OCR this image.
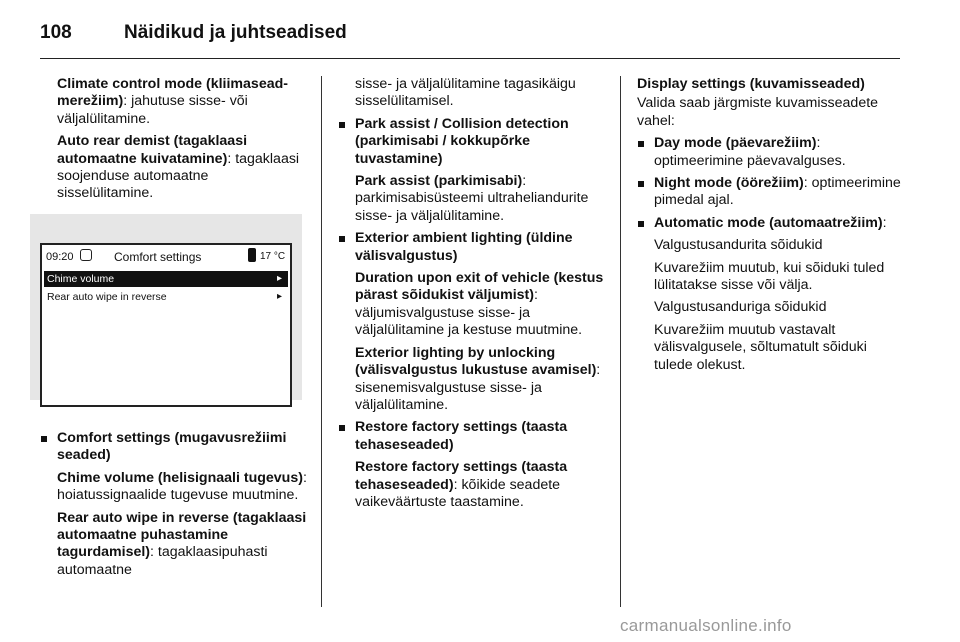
108	Näidikud ja juhtseadised

Climate control mode (kliimasead-merežiim): jahutuse sisse- või väljalülitamine.

Auto rear demist (tagaklaasi automaatne kuivatamine): tagaklaasi soojenduse automaatne sisselülitamine.

09:20	Comfort settings	17 °C
Chime volume	▸
Rear auto wipe in reverse	▸
Comfort settings (mugavusrežiimi seaded)

Chime volume (helisignaali tugevus): hoiatussignaalide tugevuse muutmine.

Rear auto wipe in reverse (tagaklaasi automaatne puhastamine tagurdamisel): tagaklaasipuhasti automaatne

sisse- ja väljalülitamine tagasikäigu sisselülitamisel.

Park assist / Collision detection (parkimisabi / kokkupõrke tuvastamine)

Park assist (parkimisabi): parkimisabisüsteemi ultraheliandurite sisse- ja väljalülitamine.

Exterior ambient lighting (üldine välisvalgustus)

Duration upon exit of vehicle (kestus pärast sõidukist väljumist): väljumisvalgustuse sisse- ja väljalülitamine ja kestuse muutmine.

Exterior lighting by unlocking (välisvalgustus lukustuse avamisel): sisenemisvalgustuse sisse- ja väljalülitamine.

Restore factory settings (taasta tehaseseaded)

Restore factory settings (taasta tehaseseaded): kõikide seadete vaikeväärtuste taastamine.

Display settings (kuvamisseaded)

Valida saab järgmiste kuvamisseadete vahel:

Day mode (päevarežiim): optimeerimine päevavalguses.
Night mode (öörežiim): optimeerimine pimedal ajal.
Automatic mode (automaatrežiim):

Valgustusandurita sõidukid

Kuvarežiim muutub, kui sõiduki tuled lülitatakse sisse või välja.

Valgustusanduriga sõidukid

Kuvarežiim muutub vastavalt välisvalgusele, sõltumatult sõiduki tulede olekust.

carmanualsonline.info
